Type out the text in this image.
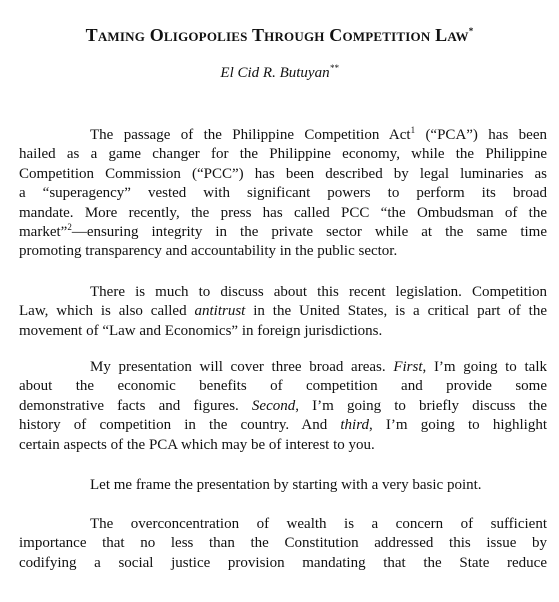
Taming Oligopolies Through Competition Law*
El Cid R. Butuyan**
The passage of the Philippine Competition Act$^1$ (“PCA”) has been
hailed as a game changer for the Philippine economy, while the Philippine
Competition Commission (“PCC”) has been described by legal luminaries as
a “superagency” vested with significant powers to perform its broad
mandate. More recently, the press has called PCC “the Ombudsman of the
market”$^2$—ensuring integrity in the private sector while at the same time
promoting transparency and accountability in the public sector.
There is much to discuss about this recent legislation. Competition
Law, which is also called antitrust in the United States, is a critical part of the
movement of “Law and Economics” in foreign jurisdictions.
My presentation will cover three broad areas. First, I’m going to talk
about the economic benefits of competition and provide some
demonstrative facts and figures. Second, I’m going to briefly discuss the
history of competition in the country. And third, I’m going to highlight
certain aspects of the PCA which may be of interest to you.
Let me frame the presentation by starting with a very basic point.
The overconcentration of wealth is a concern of sufficient
importance that no less than the Constitution addressed this issue by
codifying a social justice provision mandating that the State reduce
